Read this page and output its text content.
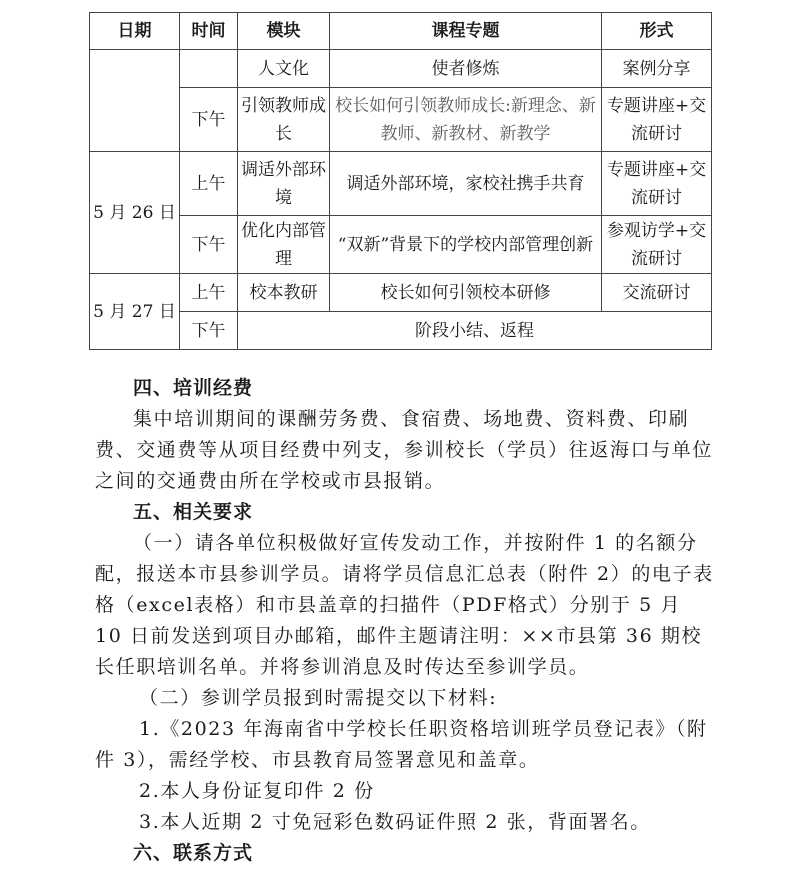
日期	时间	模块	课程专题	形式
		人文化	使者修炼	案例分享
	下午	引领教师成长	校长如何引领教师成长:新理念、新教师、新教材、新教学	专题讲座+交流研讨
5 月 26 日	上午	调适外部环境	调适外部环境，家校社携手共育	专题讲座+交流研讨
	下午	优化内部管理	“双新”背景下的学校内部管理创新	参观访学+交流研讨
5 月 27 日	上午	校本教研	校长如何引领校本研修	交流研讨
	下午	阶段小结、返程		

四、培训经费

集中培训期间的课酬劳务费、食宿费、场地费、资料费、印刷费、交通费等从项目经费中列支，参训校长（学员）往返海口与单位之间的交通费由所在学校或市县报销。

五、相关要求

（一）请各单位积极做好宣传发动工作，并按附件 1 的名额分配，报送本市县参训学员。请将学员信息汇总表（附件 2）的电子表格（excel表格）和市县盖章的扫描件（PDF格式）分别于 5 月 10 日前发送到项目办邮箱，邮件主题请注明：××市县第 36 期校长任职培训名单。并将参训消息及时传达至参训学员。

（二）参训学员报到时需提交以下材料:

1.《2023 年海南省中学校长任职资格培训班学员登记表》（附件 3），需经学校、市县教育局签署意见和盖章。

2.本人身份证复印件 2 份

3.本人近期 2 寸免冠彩色数码证件照 2 张，背面署名。

六、联系方式
